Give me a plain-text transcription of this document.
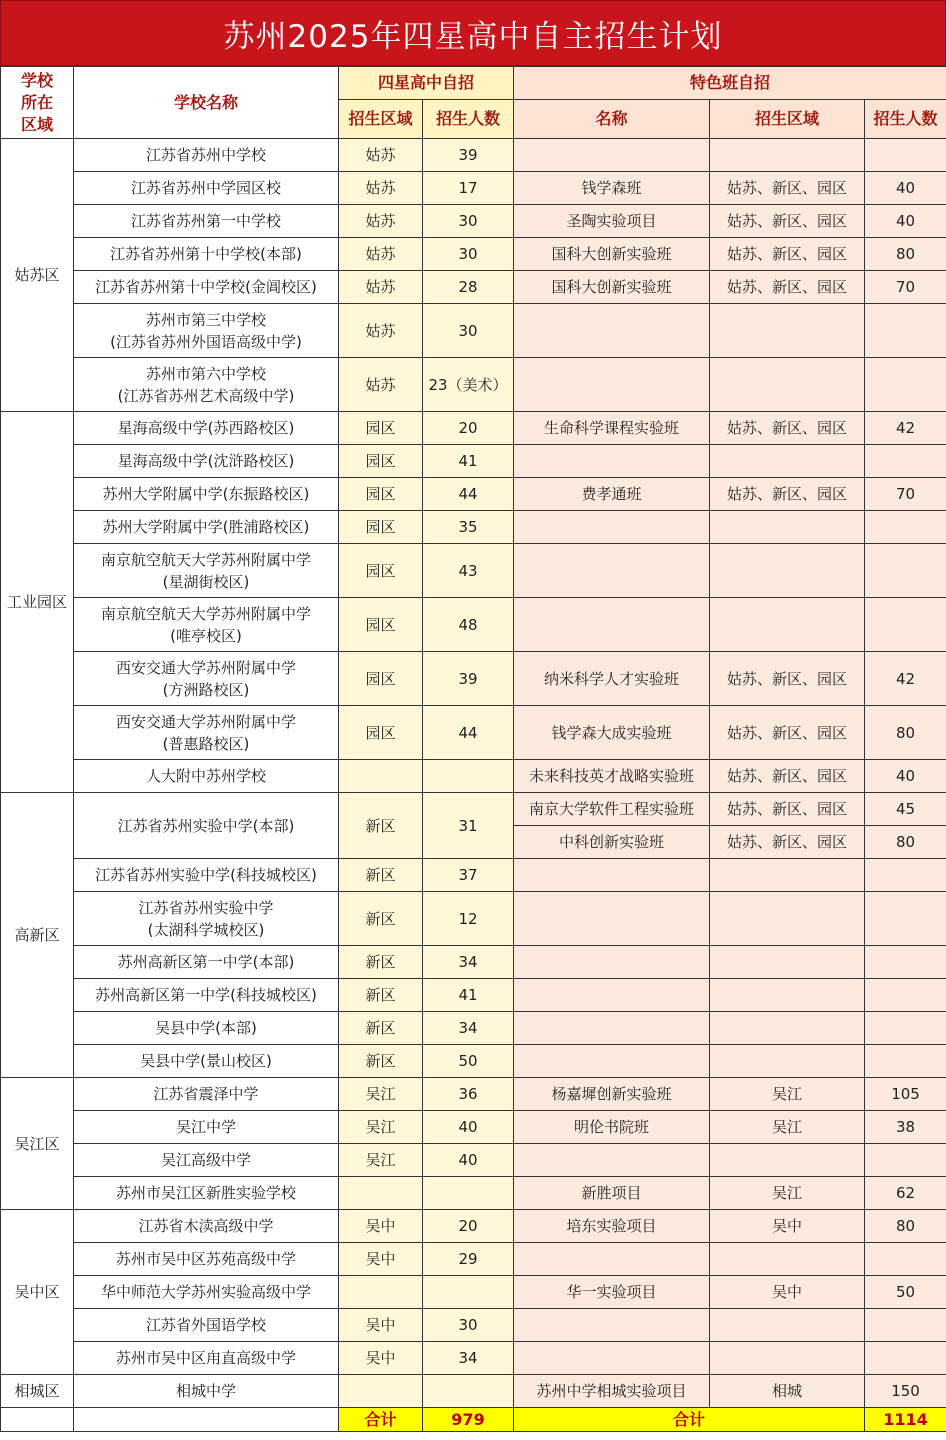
苏州2025年四星高中自主招生计划
学校
所在
区域	学校名称	四星高中自招		特色班自招		
		招生区域	招生人数	名称	招生区域	招生人数
姑苏区	江苏省苏州中学校	姑苏	39			
	江苏省苏州中学园区校	姑苏	17	钱学森班	姑苏、新区、园区	40
	江苏省苏州第一中学校	姑苏	30	圣陶实验项目	姑苏、新区、园区	40
	江苏省苏州第十中学校(本部)	姑苏	30	国科大创新实验班	姑苏、新区、园区	80
	江苏省苏州第十中学校(金阊校区)	姑苏	28	国科大创新实验班	姑苏、新区、园区	70
	苏州市第三中学校
(江苏省苏州外国语高级中学)	姑苏	30			
	苏州市第六中学校
(江苏省苏州艺术高级中学)	姑苏	23（美术）			
工业园区	星海高级中学(苏西路校区)	园区	20	生命科学课程实验班	姑苏、新区、园区	42
	星海高级中学(沈浒路校区)	园区	41			
	苏州大学附属中学(东振路校区)	园区	44	费孝通班	姑苏、新区、园区	70
	苏州大学附属中学(胜浦路校区)	园区	35			
	南京航空航天大学苏州附属中学
(星湖街校区)	园区	43			
	南京航空航天大学苏州附属中学
(唯亭校区)	园区	48			
	西安交通大学苏州附属中学
(方洲路校区)	园区	39	纳米科学人才实验班	姑苏、新区、园区	42
	西安交通大学苏州附属中学
(普惠路校区)	园区	44	钱学森大成实验班	姑苏、新区、园区	80
	人大附中苏州学校			未来科技英才战略实验班	姑苏、新区、园区	40
高新区	江苏省苏州实验中学(本部)	新区	31	南京大学软件工程实验班	姑苏、新区、园区	45
				中科创新实验班	姑苏、新区、园区	80
	江苏省苏州实验中学(科技城校区)	新区	37			
	江苏省苏州实验中学
(太湖科学城校区)	新区	12			
	苏州高新区第一中学(本部)	新区	34			
	苏州高新区第一中学(科技城校区)	新区	41			
	吴县中学(本部)	新区	34			
	吴县中学(景山校区)	新区	50			
吴江区	江苏省震泽中学	吴江	36	杨嘉墀创新实验班	吴江	105
	吴江中学	吴江	40	明伦书院班	吴江	38
	吴江高级中学	吴江	40			
	苏州市吴江区新胜实验学校			新胜项目	吴江	62
吴中区	江苏省木渎高级中学	吴中	20	培东实验项目	吴中	80
	苏州市吴中区苏苑高级中学	吴中	29			
	华中师范大学苏州实验高级中学			华一实验项目	吴中	50
	江苏省外国语学校	吴中	30			
	苏州市吴中区甪直高级中学	吴中	34			
相城区	相城中学			苏州中学相城实验项目	相城	150
		合计	979	合计		1114
